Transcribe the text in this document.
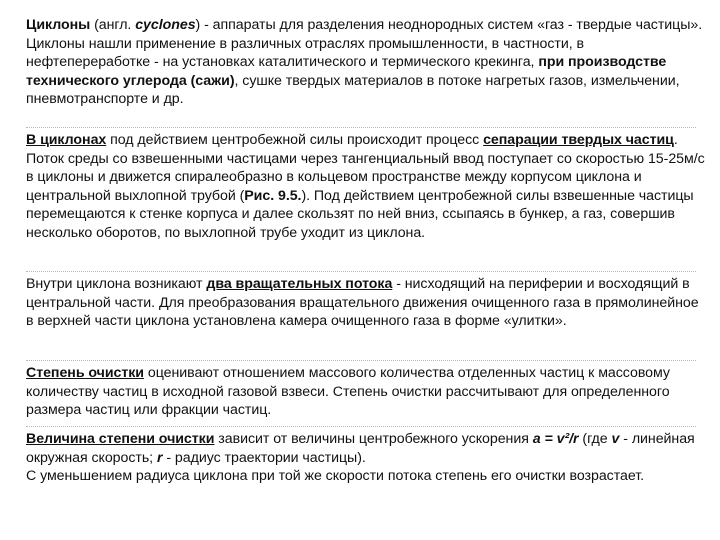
Циклоны (англ. cyclones) - аппараты для разделения неоднородных систем «газ - твердые частицы». Циклоны нашли применение в различных отраслях промышленности, в частности, в нефтепереработке - на установках каталитического и термического крекинга, при производстве технического углерода (сажи), сушке твердых материалов в потоке нагретых газов, измельчении, пневмотранспорте и др.

В циклонах под действием центробежной силы происходит процесс сепарации твердых частиц. Поток среды со взвешенными частицами через тангенциальный ввод поступает со скоростью 15-25м/с в циклоны и движется спиралеобразно в кольцевом пространстве между корпусом циклона и центральной выхлопной трубой (Рис. 9.5.). Под действием центробежной силы взвешенные частицы перемещаются к стенке корпуса и далее скользят по ней вниз, ссыпаясь в бункер, а газ, совершив несколько оборотов, по выхлопной трубе уходит из циклона.

Внутри циклона возникают два вращательных потока - нисходящий на периферии и восходящий в центральной части. Для преобразования вращательного движения очищенного газа в прямолинейное в верхней части циклона установлена камера очищенного газа в форме «улитки».

Степень очистки оценивают отношением массового количества отделенных частиц к массовому количеству частиц в исходной газовой взвеси. Степень очистки рассчитывают для определенного размера частиц или фракции частиц.

Величина степени очистки зависит от величины центробежного ускорения a = v²/r (где v - линейная окружная скорость; r - радиус траектории частицы).
С уменьшением радиуса циклона при той же скорости потока степень его очистки возрастает.
